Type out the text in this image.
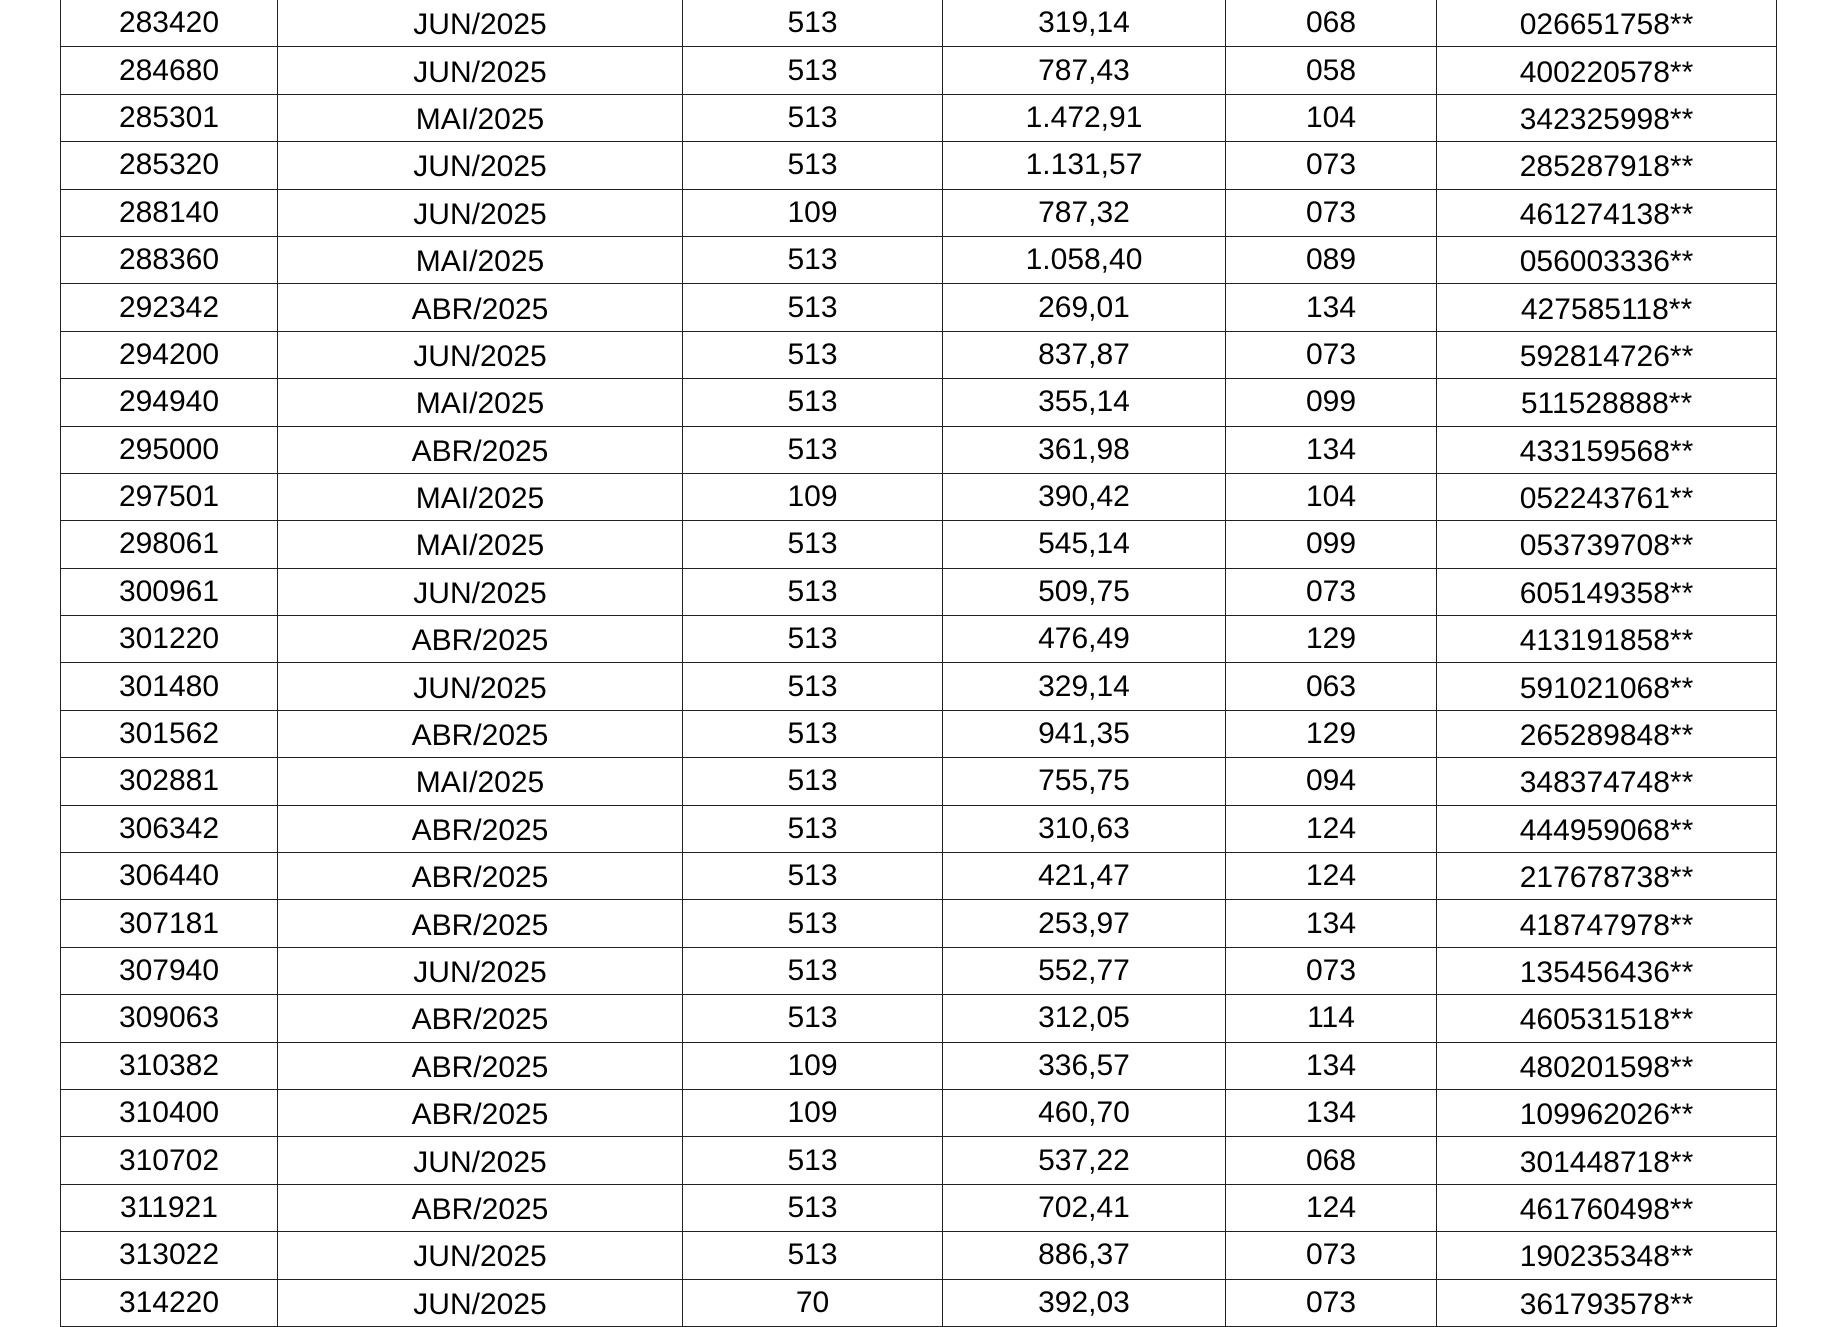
283420	JUN/2025	513	319,14	068	026651758**
284680	JUN/2025	513	787,43	058	400220578**
285301	MAI/2025	513	1.472,91	104	342325998**
285320	JUN/2025	513	1.131,57	073	285287918**
288140	JUN/2025	109	787,32	073	461274138**
288360	MAI/2025	513	1.058,40	089	056003336**
292342	ABR/2025	513	269,01	134	427585118**
294200	JUN/2025	513	837,87	073	592814726**
294940	MAI/2025	513	355,14	099	511528888**
295000	ABR/2025	513	361,98	134	433159568**
297501	MAI/2025	109	390,42	104	052243761**
298061	MAI/2025	513	545,14	099	053739708**
300961	JUN/2025	513	509,75	073	605149358**
301220	ABR/2025	513	476,49	129	413191858**
301480	JUN/2025	513	329,14	063	591021068**
301562	ABR/2025	513	941,35	129	265289848**
302881	MAI/2025	513	755,75	094	348374748**
306342	ABR/2025	513	310,63	124	444959068**
306440	ABR/2025	513	421,47	124	217678738**
307181	ABR/2025	513	253,97	134	418747978**
307940	JUN/2025	513	552,77	073	135456436**
309063	ABR/2025	513	312,05	114	460531518**
310382	ABR/2025	109	336,57	134	480201598**
310400	ABR/2025	109	460,70	134	109962026**
310702	JUN/2025	513	537,22	068	301448718**
311921	ABR/2025	513	702,41	124	461760498**
313022	JUN/2025	513	886,37	073	190235348**
314220	JUN/2025	70	392,03	073	361793578**
